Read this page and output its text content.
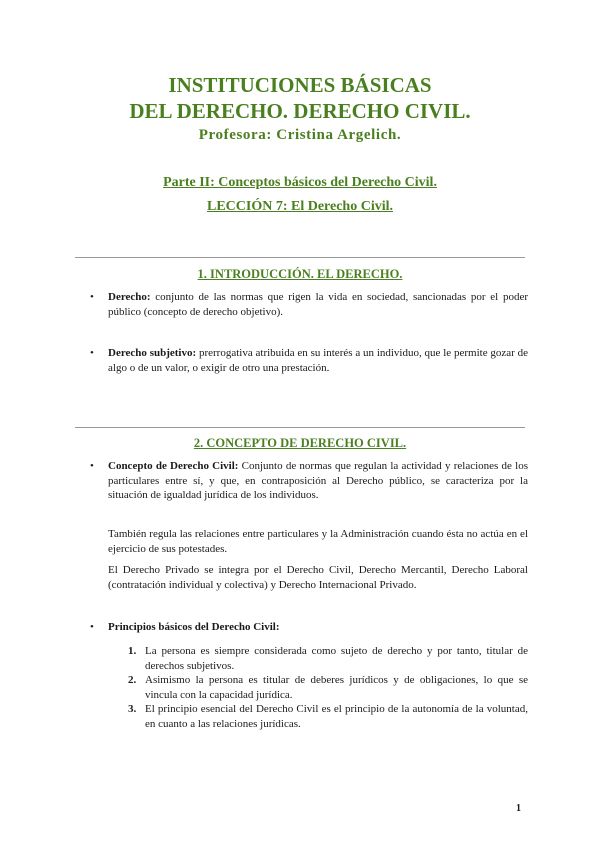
INSTITUCIONES BÁSICAS
DEL DERECHO. DERECHO CIVIL.
Profesora: Cristina Argelich.
Parte II: Conceptos básicos del Derecho Civil.
LECCIÓN 7: El Derecho Civil.
1. INTRODUCCIÓN. EL DERECHO.
• Derecho: conjunto de las normas que rigen la vida en sociedad, sancionadas por el poder público (concepto de derecho objetivo).
• Derecho subjetivo: prerrogativa atribuida en su interés a un individuo, que le permite gozar de algo o de un valor, o exigir de otro una prestación.
2. CONCEPTO DE DERECHO CIVIL.
• Concepto de Derecho Civil: Conjunto de normas que regulan la actividad y relaciones de los particulares entre sí, y que, en contraposición al Derecho público, se caracteriza por la situación de igualdad jurídica de los individuos.
También regula las relaciones entre particulares y la Administración cuando ésta no actúa en el ejercicio de sus potestades.
El Derecho Privado se integra por el Derecho Civil, Derecho Mercantil, Derecho Laboral (contratación individual y colectiva) y Derecho Internacional Privado.
• Principios básicos del Derecho Civil:
1. La persona es siempre considerada como sujeto de derecho y por tanto, titular de derechos subjetivos.
2. Asimismo la persona es titular de deberes jurídicos y de obligaciones, lo que se vincula con la capacidad jurídica.
3. El principio esencial del Derecho Civil es el principio de la autonomía de la voluntad, en cuanto a las relaciones jurídicas.
1
